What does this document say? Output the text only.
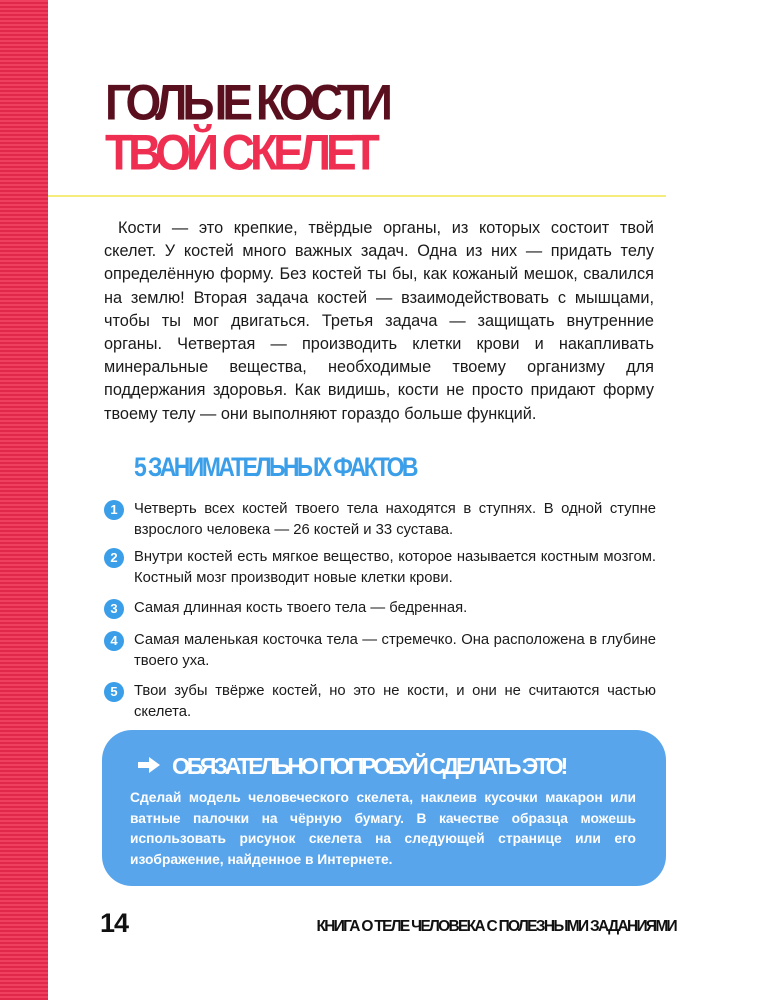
ГОЛЫЕ КОСТИ
ТВОЙ СКЕЛЕТ

Кости — это крепкие, твёрдые органы, из которых состоит твой скелет. У костей много важных задач. Одна из них — придать телу определённую форму. Без костей ты бы, как кожаный мешок, свалился на землю! Вторая задача костей — взаимодействовать с мышцами, чтобы ты мог двигаться. Третья задача — защищать внутренние органы. Четвертая — производить клетки крови и накапливать минеральные вещества, необходимые твоему организму для поддержания здоровья. Как видишь, кости не просто придают форму твоему телу — они выполняют гораздо больше функций.

5 ЗАНИМАТЕЛЬНЫХ ФАКТОВ
1	Четверть всех костей твоего тела находятся в ступнях. В одной ступне взрослого человека — 26 костей и 33 сустава.

2	Внутри костей есть мягкое вещество, которое называется костным мозгом. Костный мозг производит новые клетки крови.

3	Самая длинная кость твоего тела — бедренная.

4	Самая маленькая косточка тела — стремечко. Она расположена в глубине твоего уха.

5	Твои зубы твёрже костей, но это не кости, и они не считаются частью скелета.

ОБЯЗАТЕЛЬНО ПОПРОБУЙ СДЕЛАТЬ ЭТО!

Сделай модель человеческого скелета, наклеив кусочки макарон или ватные палочки на чёрную бумагу. В качестве образца можешь использовать рисунок скелета на следующей странице или его изображение, найденное в Интернете.

14	КНИГА О ТЕЛЕ ЧЕЛОВЕКА С ПОЛЕЗНЫМИ ЗАДАНИЯМИ
